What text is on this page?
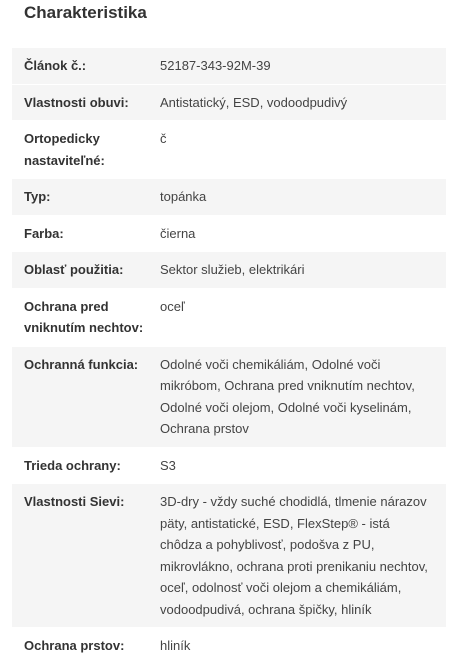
Charakteristika
Článok č.:	52187-343-92M-39
Vlastnosti obuvi:	Antistatický, ESD, vodoodpudivý
Ortopedicky nastaviteľné:
č
Typ:	topánka
Farba:	čierna
Oblasť použitia:	Sektor služieb, elektrikári
Ochrana pred vniknutím nechtov:
oceľ
Ochranná funkcia:	Odolné voči chemikáliám, Odolné voči mikróbom, Ochrana pred vniknutím nechtov, Odolné voči olejom, Odolné voči kyselinám, Ochrana prstov
Trieda ochrany:	S3
Vlastnosti Sievi:	3D-dry - vždy suché chodidlá, tlmenie nárazov päty, antistatické, ESD, FlexStep® - istá chôdza a pohyblivosť, podošva z PU, mikrovlákno, ochrana proti prenikaniu nechtov, oceľ, odolnosť voči olejom a chemikáliám, vodoodpudivá, ochrana špičky, hliník
Ochrana prstov:	hliník
